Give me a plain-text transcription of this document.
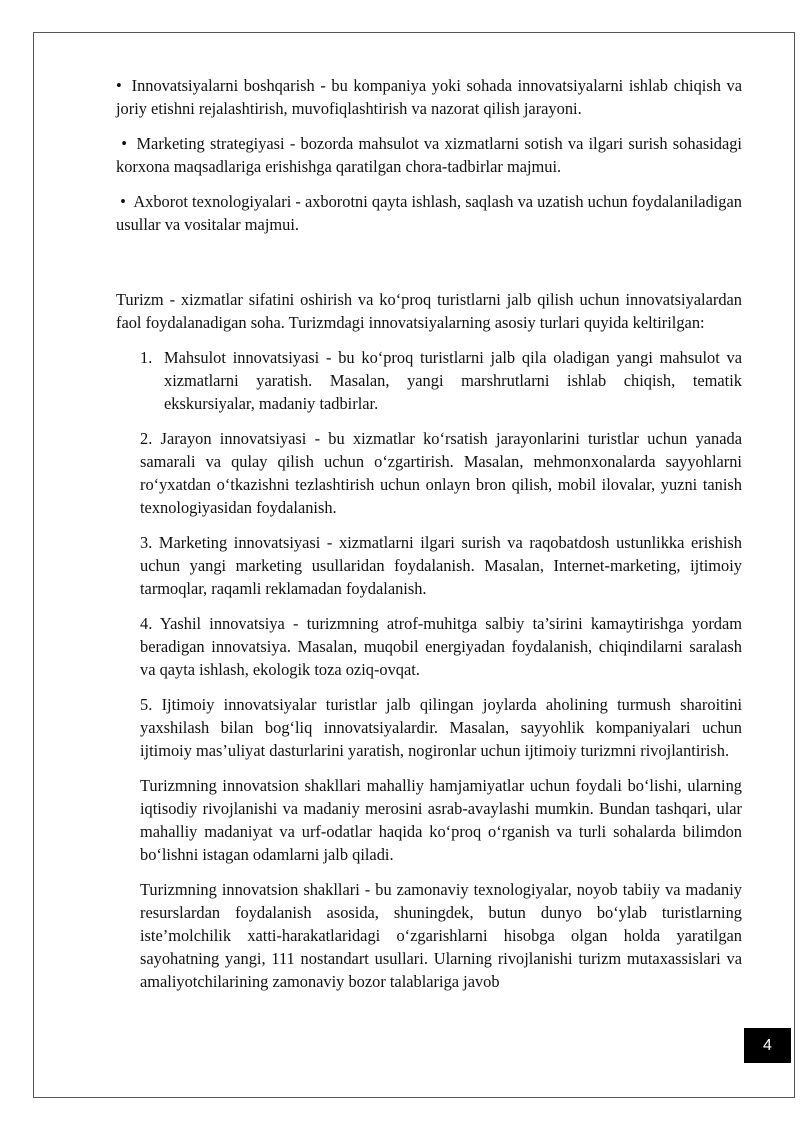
• Innovatsiyalarni boshqarish - bu kompaniya yoki sohada innovatsiyalarni ishlab chiqish va joriy etishni rejalashtirish, muvofiqlashtirish va nazorat qilish jarayoni.

• Marketing strategiyasi - bozorda mahsulot va xizmatlarni sotish va ilgari surish sohasidagi korxona maqsadlariga erishishga qaratilgan chora-tadbirlar majmui.

• Axborot texnologiyalari - axborotni qayta ishlash, saqlash va uzatish uchun foydalaniladigan usullar va vositalar majmui.

Turizm - xizmatlar sifatini oshirish va ko‘proq turistlarni jalb qilish uchun innovatsiyalardan faol foydalanadigan soha. Turizmdagi innovatsiyalarning asosiy turlari quyida keltirilgan:

1. Mahsulot innovatsiyasi - bu ko‘proq turistlarni jalb qila oladigan yangi mahsulot va xizmatlarni yaratish. Masalan, yangi marshrutlarni ishlab chiqish, tematik ekskursiyalar, madaniy tadbirlar.

2. Jarayon innovatsiyasi - bu xizmatlar ko‘rsatish jarayonlarini turistlar uchun yanada samarali va qulay qilish uchun o‘zgartirish. Masalan, mehmonxonalarda sayyohlarni ro‘yxatdan o‘tkazishni tezlashtirish uchun onlayn bron qilish, mobil ilovalar, yuzni tanish texnologiyasidan foydalanish.

3. Marketing innovatsiyasi - xizmatlarni ilgari surish va raqobatdosh ustunlikka erishish uchun yangi marketing usullaridan foydalanish. Masalan, Internet-marketing, ijtimoiy tarmoqlar, raqamli reklamadan foydalanish.

4. Yashil innovatsiya - turizmning atrof-muhitga salbiy ta’sirini kamaytirishga yordam beradigan innovatsiya. Masalan, muqobil energiyadan foydalanish, chiqindilarni saralash va qayta ishlash, ekologik toza oziq-ovqat.

5. Ijtimoiy innovatsiyalar turistlar jalb qilingan joylarda aholining turmush sharoitini yaxshilash bilan bog‘liq innovatsiyalardir. Masalan, sayyohlik kompaniyalari uchun ijtimoiy mas’uliyat dasturlarini yaratish, nogironlar uchun ijtimoiy turizmni rivojlantirish.

Turizmning innovatsion shakllari mahalliy hamjamiyatlar uchun foydali bo‘lishi, ularning iqtisodiy rivojlanishi va madaniy merosini asrab-avaylashi mumkin. Bundan tashqari, ular mahalliy madaniyat va urf-odatlar haqida ko‘proq o‘rganish va turli sohalarda bilimdon bo‘lishni istagan odamlarni jalb qiladi.

Turizmning innovatsion shakllari - bu zamonaviy texnologiyalar, noyob tabiiy va madaniy resurslardan foydalanish asosida, shuningdek, butun dunyo bo‘ylab turistlarning iste’molchilik xatti-harakatlaridagi o‘zgarishlarni hisobga olgan holda yaratilgan sayohatning yangi, 111 nostandart usullari. Ularning rivojlanishi turizm mutaxassislari va amaliyotchilarining zamonaviy bozor talablariga javob

4
